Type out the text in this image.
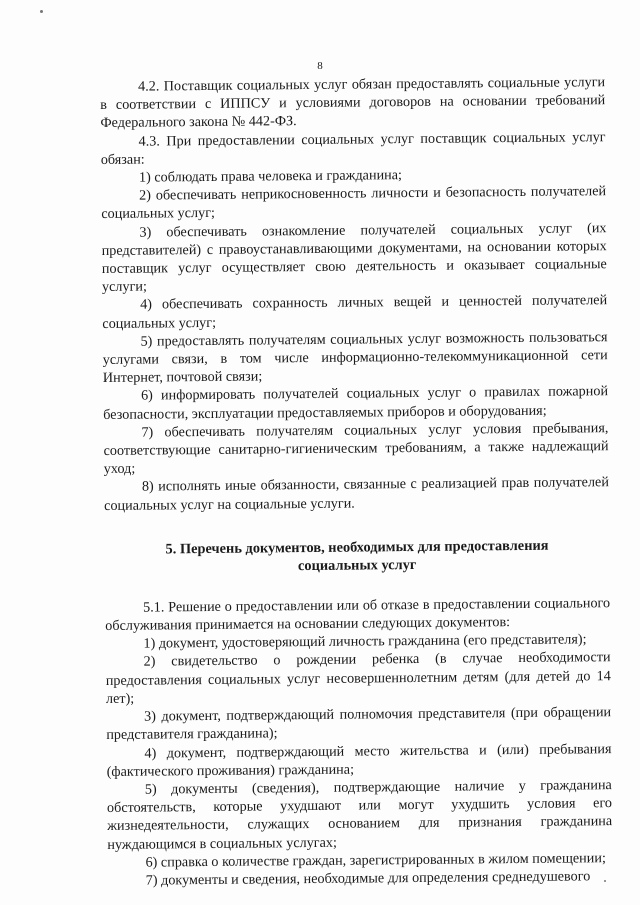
8

4.2. Поставщик социальных услуг обязан предоставлять социальные услуги в соответствии с ИППСУ и условиями договоров на основании требований Федерального закона № 442-ФЗ.

4.3. При предоставлении социальных услуг поставщик социальных услуг обязан:

1) соблюдать права человека и гражданина;

2) обеспечивать неприкосновенность личности и безопасность получателей социальных услуг;

3) обеспечивать ознакомление получателей социальных услуг (их представителей) с правоустанавливающими документами, на основании которых поставщик услуг осуществляет свою деятельность и оказывает социальные услуги;

4) обеспечивать сохранность личных вещей и ценностей получателей социальных услуг;

5) предоставлять получателям социальных услуг возможность пользоваться услугами связи, в том числе информационно-телекоммуникационной сети Интернет, почтовой связи;

6) информировать получателей социальных услуг о правилах пожарной безопасности, эксплуатации предоставляемых приборов и оборудования;

7) обеспечивать получателям социальных услуг условия пребывания, соответствующие санитарно-гигиеническим требованиям, а также надлежащий уход;

8) исполнять иные обязанности, связанные с реализацией прав получателей социальных услуг на социальные услуги.

5. Перечень документов, необходимых для предоставления социальных услуг

5.1. Решение о предоставлении или об отказе в предоставлении социального обслуживания принимается на основании следующих документов:

1) документ, удостоверяющий личность гражданина (его представителя);

2) свидетельство о рождении ребенка (в случае необходимости предоставления социальных услуг несовершеннолетним детям (для детей до 14 лет);

3) документ, подтверждающий полномочия представителя (при обращении представителя гражданина);

4) документ, подтверждающий место жительства и (или) пребывания (фактического проживания) гражданина;

5) документы (сведения), подтверждающие наличие у гражданина обстоятельств, которые ухудшают или могут ухудшить условия его жизнедеятельности, служащих основанием для признания гражданина нуждающимся в социальных услугах;

6) справка о количестве граждан, зарегистрированных в жилом помещении;

7) документы и сведения, необходимые для определения среднедушевого
